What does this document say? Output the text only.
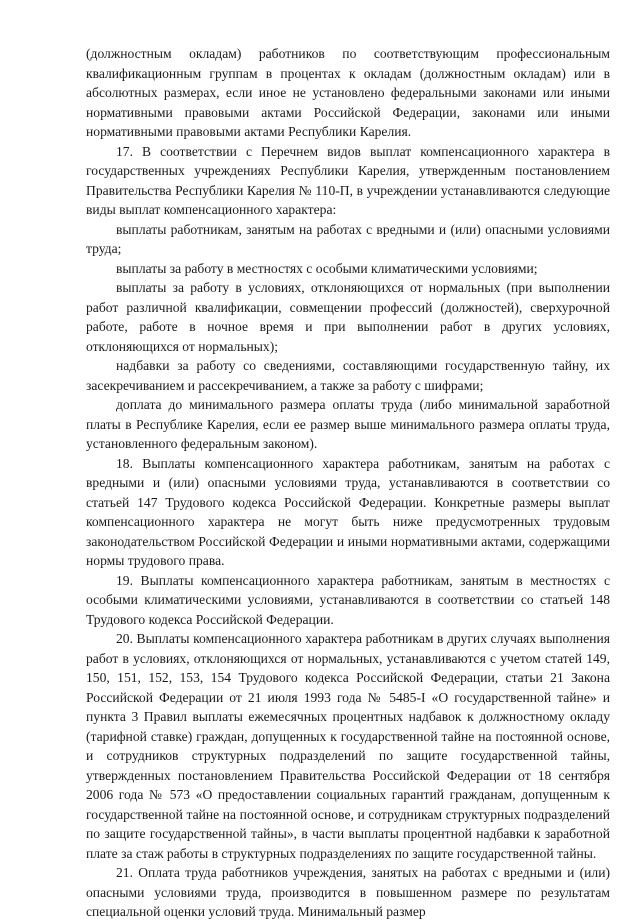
(должностным окладам) работников по соответствующим профессиональным квалификационным группам в процентах к окладам (должностным окладам) или в абсолютных размерах, если иное не установлено федеральными законами или иными нормативными правовыми актами Российской Федерации, законами или иными нормативными правовыми актами Республики Карелия.

17. В соответствии с Перечнем видов выплат компенсационного характера в государственных учреждениях Республики Карелия, утвержденным постановлением Правительства Республики Карелия № 110-П, в учреждении устанавливаются следующие виды выплат компенсационного характера:

выплаты работникам, занятым на работах с вредными и (или) опасными условиями труда;

выплаты за работу в местностях с особыми климатическими условиями;

выплаты за работу в условиях, отклоняющихся от нормальных (при выполнении работ различной квалификации, совмещении профессий (должностей), сверхурочной работе, работе в ночное время и при выполнении работ в других условиях, отклоняющихся от нормальных);

надбавки за работу со сведениями, составляющими государственную тайну, их засекречиванием и рассекречиванием, а также за работу с шифрами;

доплата до минимального размера оплаты труда (либо минимальной заработной платы в Республике Карелия, если ее размер выше минимального размера оплаты труда, установленного федеральным законом).

18. Выплаты компенсационного характера работникам, занятым на работах с вредными и (или) опасными условиями труда, устанавливаются в соответствии со статьей 147 Трудового кодекса Российской Федерации. Конкретные размеры выплат компенсационного характера не могут быть ниже предусмотренных трудовым законодательством Российской Федерации и иными нормативными актами, содержащими нормы трудового права.

19. Выплаты компенсационного характера работникам, занятым в местностях с особыми климатическими условиями, устанавливаются в соответствии со статьей 148 Трудового кодекса Российской Федерации.

20. Выплаты компенсационного характера работникам в других случаях выполнения работ в условиях, отклоняющихся от нормальных, устанавливаются с учетом статей 149, 150, 151, 152, 153, 154 Трудового кодекса Российской Федерации, статьи 21 Закона Российской Федерации от 21 июля 1993 года № 5485-I «О государственной тайне» и пункта 3 Правил выплаты ежемесячных процентных надбавок к должностному окладу (тарифной ставке) граждан, допущенных к государственной тайне на постоянной основе, и сотрудников структурных подразделений по защите государственной тайны, утвержденных постановлением Правительства Российской Федерации от 18 сентября 2006 года № 573 «О предоставлении социальных гарантий гражданам, допущенным к государственной тайне на постоянной основе, и сотрудникам структурных подразделений по защите государственной тайны», в части выплаты процентной надбавки к заработной плате за стаж работы в структурных подразделениях по защите государственной тайны.

21. Оплата труда работников учреждения, занятых на работах с вредными и (или) опасными условиями труда, производится в повышенном размере по результатам специальной оценки условий труда. Минимальный размер
